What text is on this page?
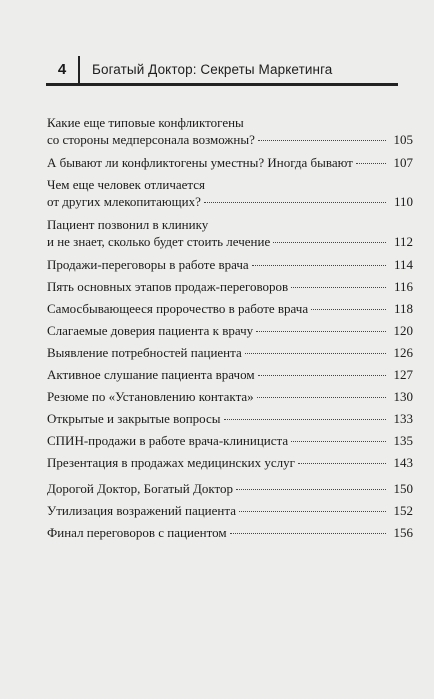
4	Богатый Доктор: Секреты Маркетинга
Какие еще типовые конфликтогены
со стороны медперсонала возможны?	105
А бывают ли конфликтогены уместны? Иногда бывают	107
Чем еще человек отличается
от других млекопитающих?	110
Пациент позвонил в клинику
и не знает, сколько будет стоить лечение	112
Продажи-переговоры в работе врача	114
Пять основных этапов продаж-переговоров	116
Самосбывающееся пророчество в работе врача	118
Слагаемые доверия пациента к врачу	120
Выявление потребностей пациента	126
Активное слушание пациента врачом	127
Резюме по «Установлению контакта»	130
Открытые и закрытые вопросы	133
СПИН-продажи в работе врача-клинициста	135
Презентация в продажах медицинских услуг	143
Дорогой Доктор, Богатый Доктор	150
Утилизация возражений пациента	152
Финал переговоров с пациентом	156
